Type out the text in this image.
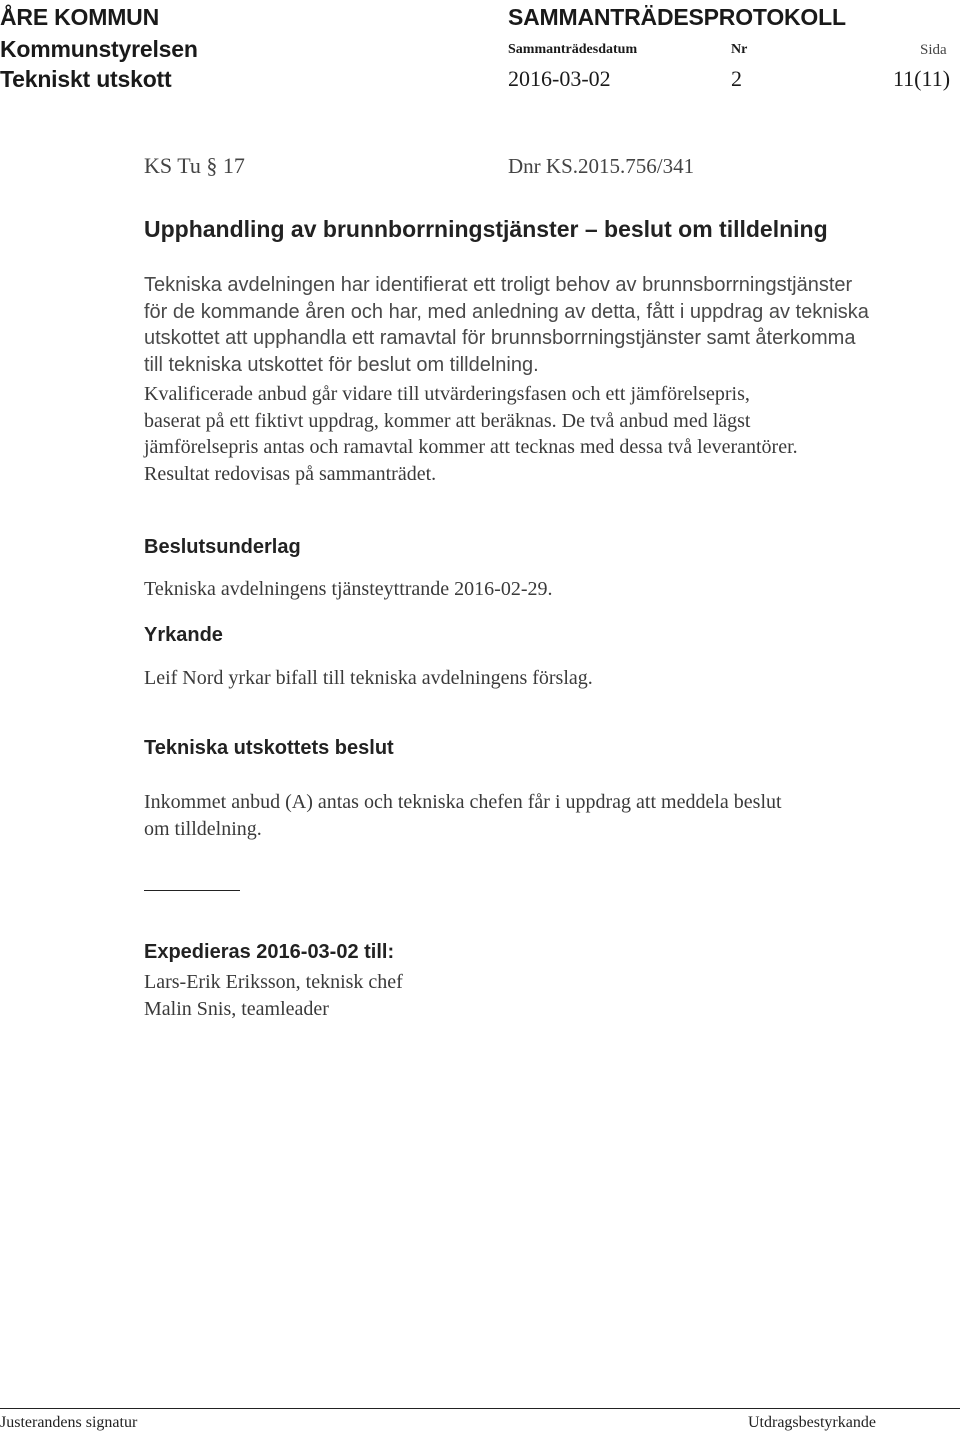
ÅRE KOMMUN	SAMMANTRÄDESPROTOKOLL
Kommunstyrelsen	Sammanträdesdatum	Nr	Sida
Tekniskt utskott	2016-03-02	2	11(11)
KS Tu § 17	Dnr KS.2015.756/341
Upphandling av brunnborrningstjänster – beslut om tilldelning
Tekniska avdelningen har identifierat ett troligt behov av brunnsborrningstjänster
för de kommande åren och har, med anledning av detta, fått i uppdrag av tekniska
utskottet att upphandla ett ramavtal för brunnsborrningstjänster samt återkomma
till tekniska utskottet för beslut om tilldelning.
Kvalificerade anbud går vidare till utvärderingsfasen och ett jämförelsepris,
baserat på ett fiktivt uppdrag, kommer att beräknas. De två anbud med lägst
jämförelsepris antas och ramavtal kommer att tecknas med dessa två leverantörer.
Resultat redovisas på sammanträdet.
Beslutsunderlag
Tekniska avdelningens tjänsteyttrande 2016-02-29.
Yrkande
Leif Nord yrkar bifall till tekniska avdelningens förslag.
Tekniska utskottets beslut
Inkommet anbud (A) antas och tekniska chefen får i uppdrag att meddela beslut
om tilldelning.
Expedieras 2016-03-02 till:
Lars-Erik Eriksson, teknisk chef
Malin Snis, teamleader
Justerandens signatur	Utdragsbestyrkande
